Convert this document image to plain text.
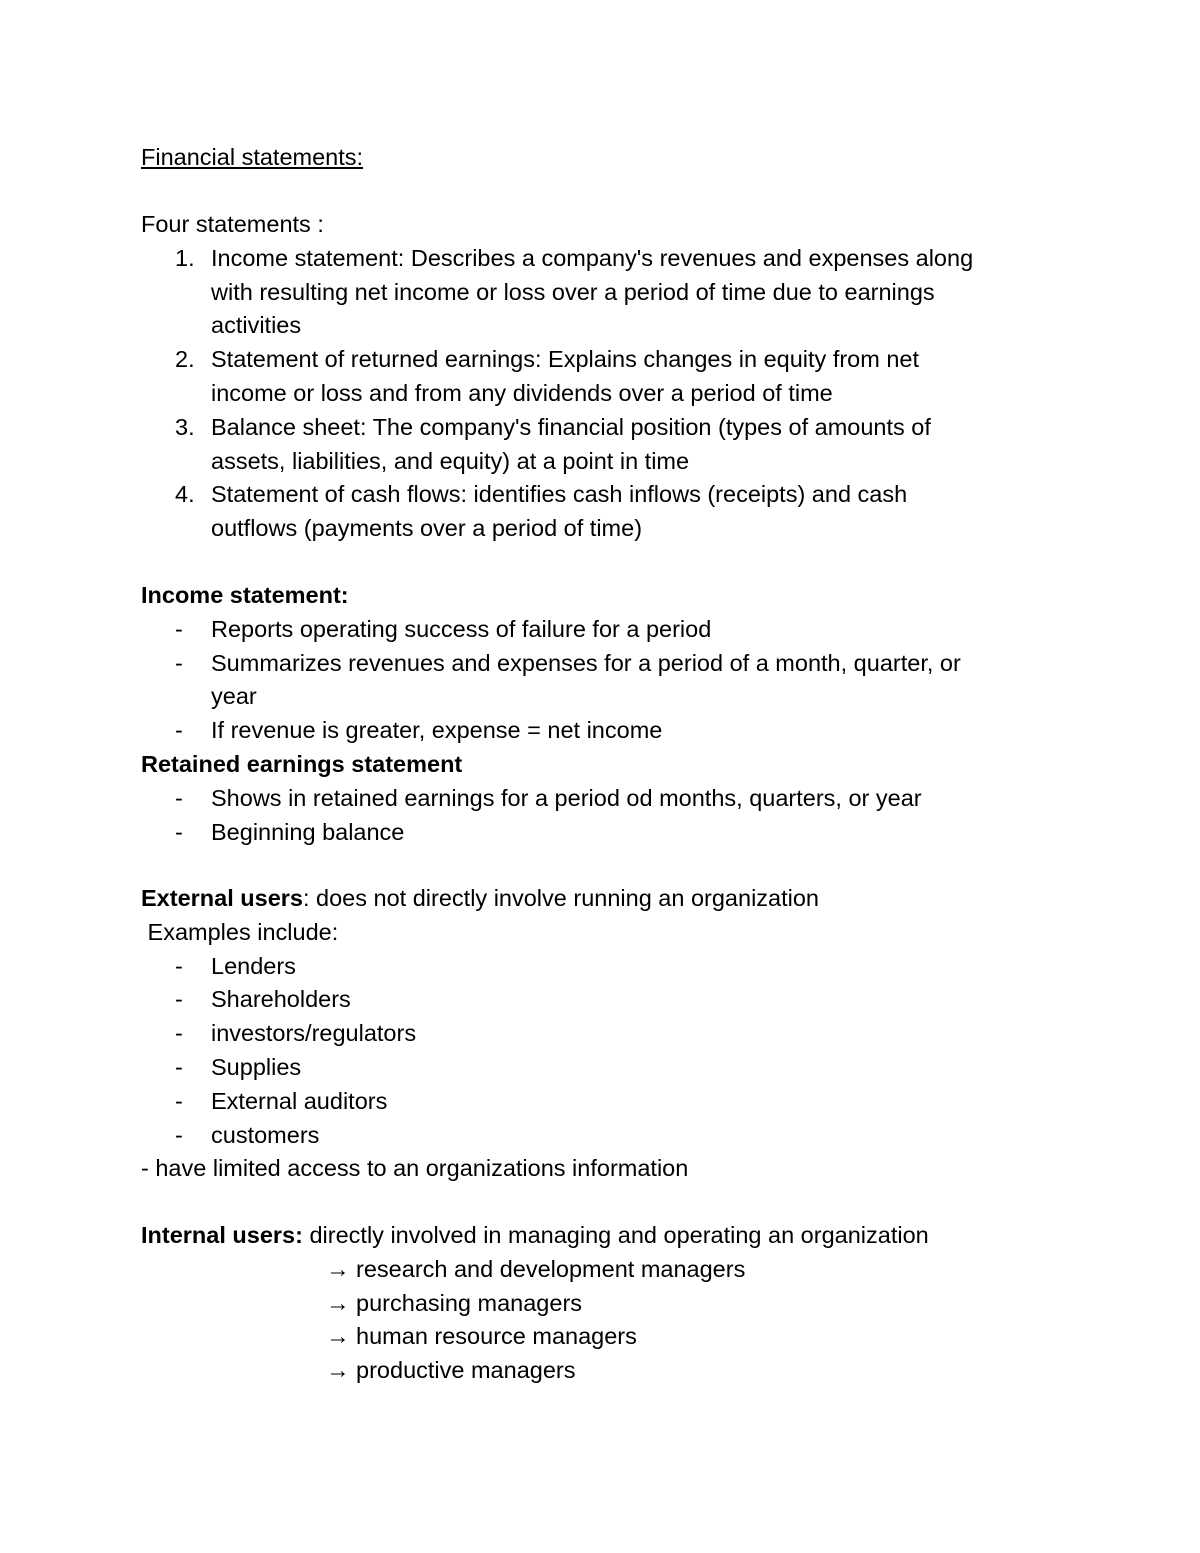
Financial statements:
Four statements :
1. Income statement: Describes a company's revenues and expenses along
with resulting net income or loss over a period of time due to earnings
activities
2. Statement of returned earnings: Explains changes in equity from net
income or loss and from any dividends over a period of time
3. Balance sheet: The company's financial position (types of amounts of
assets, liabilities, and equity) at a point in time
4. Statement of cash flows: identifies cash inflows (receipts) and cash
outflows (payments over a period of time)
Income statement:
-	Reports operating success of failure for a period
-	Summarizes revenues and expenses for a period of a month, quarter, or
year
-	If revenue is greater, expense = net income
Retained earnings statement
-	Shows in retained earnings for a period od months, quarters, or year
-	Beginning balance
External users: does not directly involve running an organization
Examples include:
-	Lenders
-	Shareholders
-	investors/regulators
-	Supplies
-	External auditors
-	customers
- have limited access to an organizations information
Internal users: directly involved in managing and operating an organization
→ research and development managers
→ purchasing managers
→ human resource managers
→ productive managers
